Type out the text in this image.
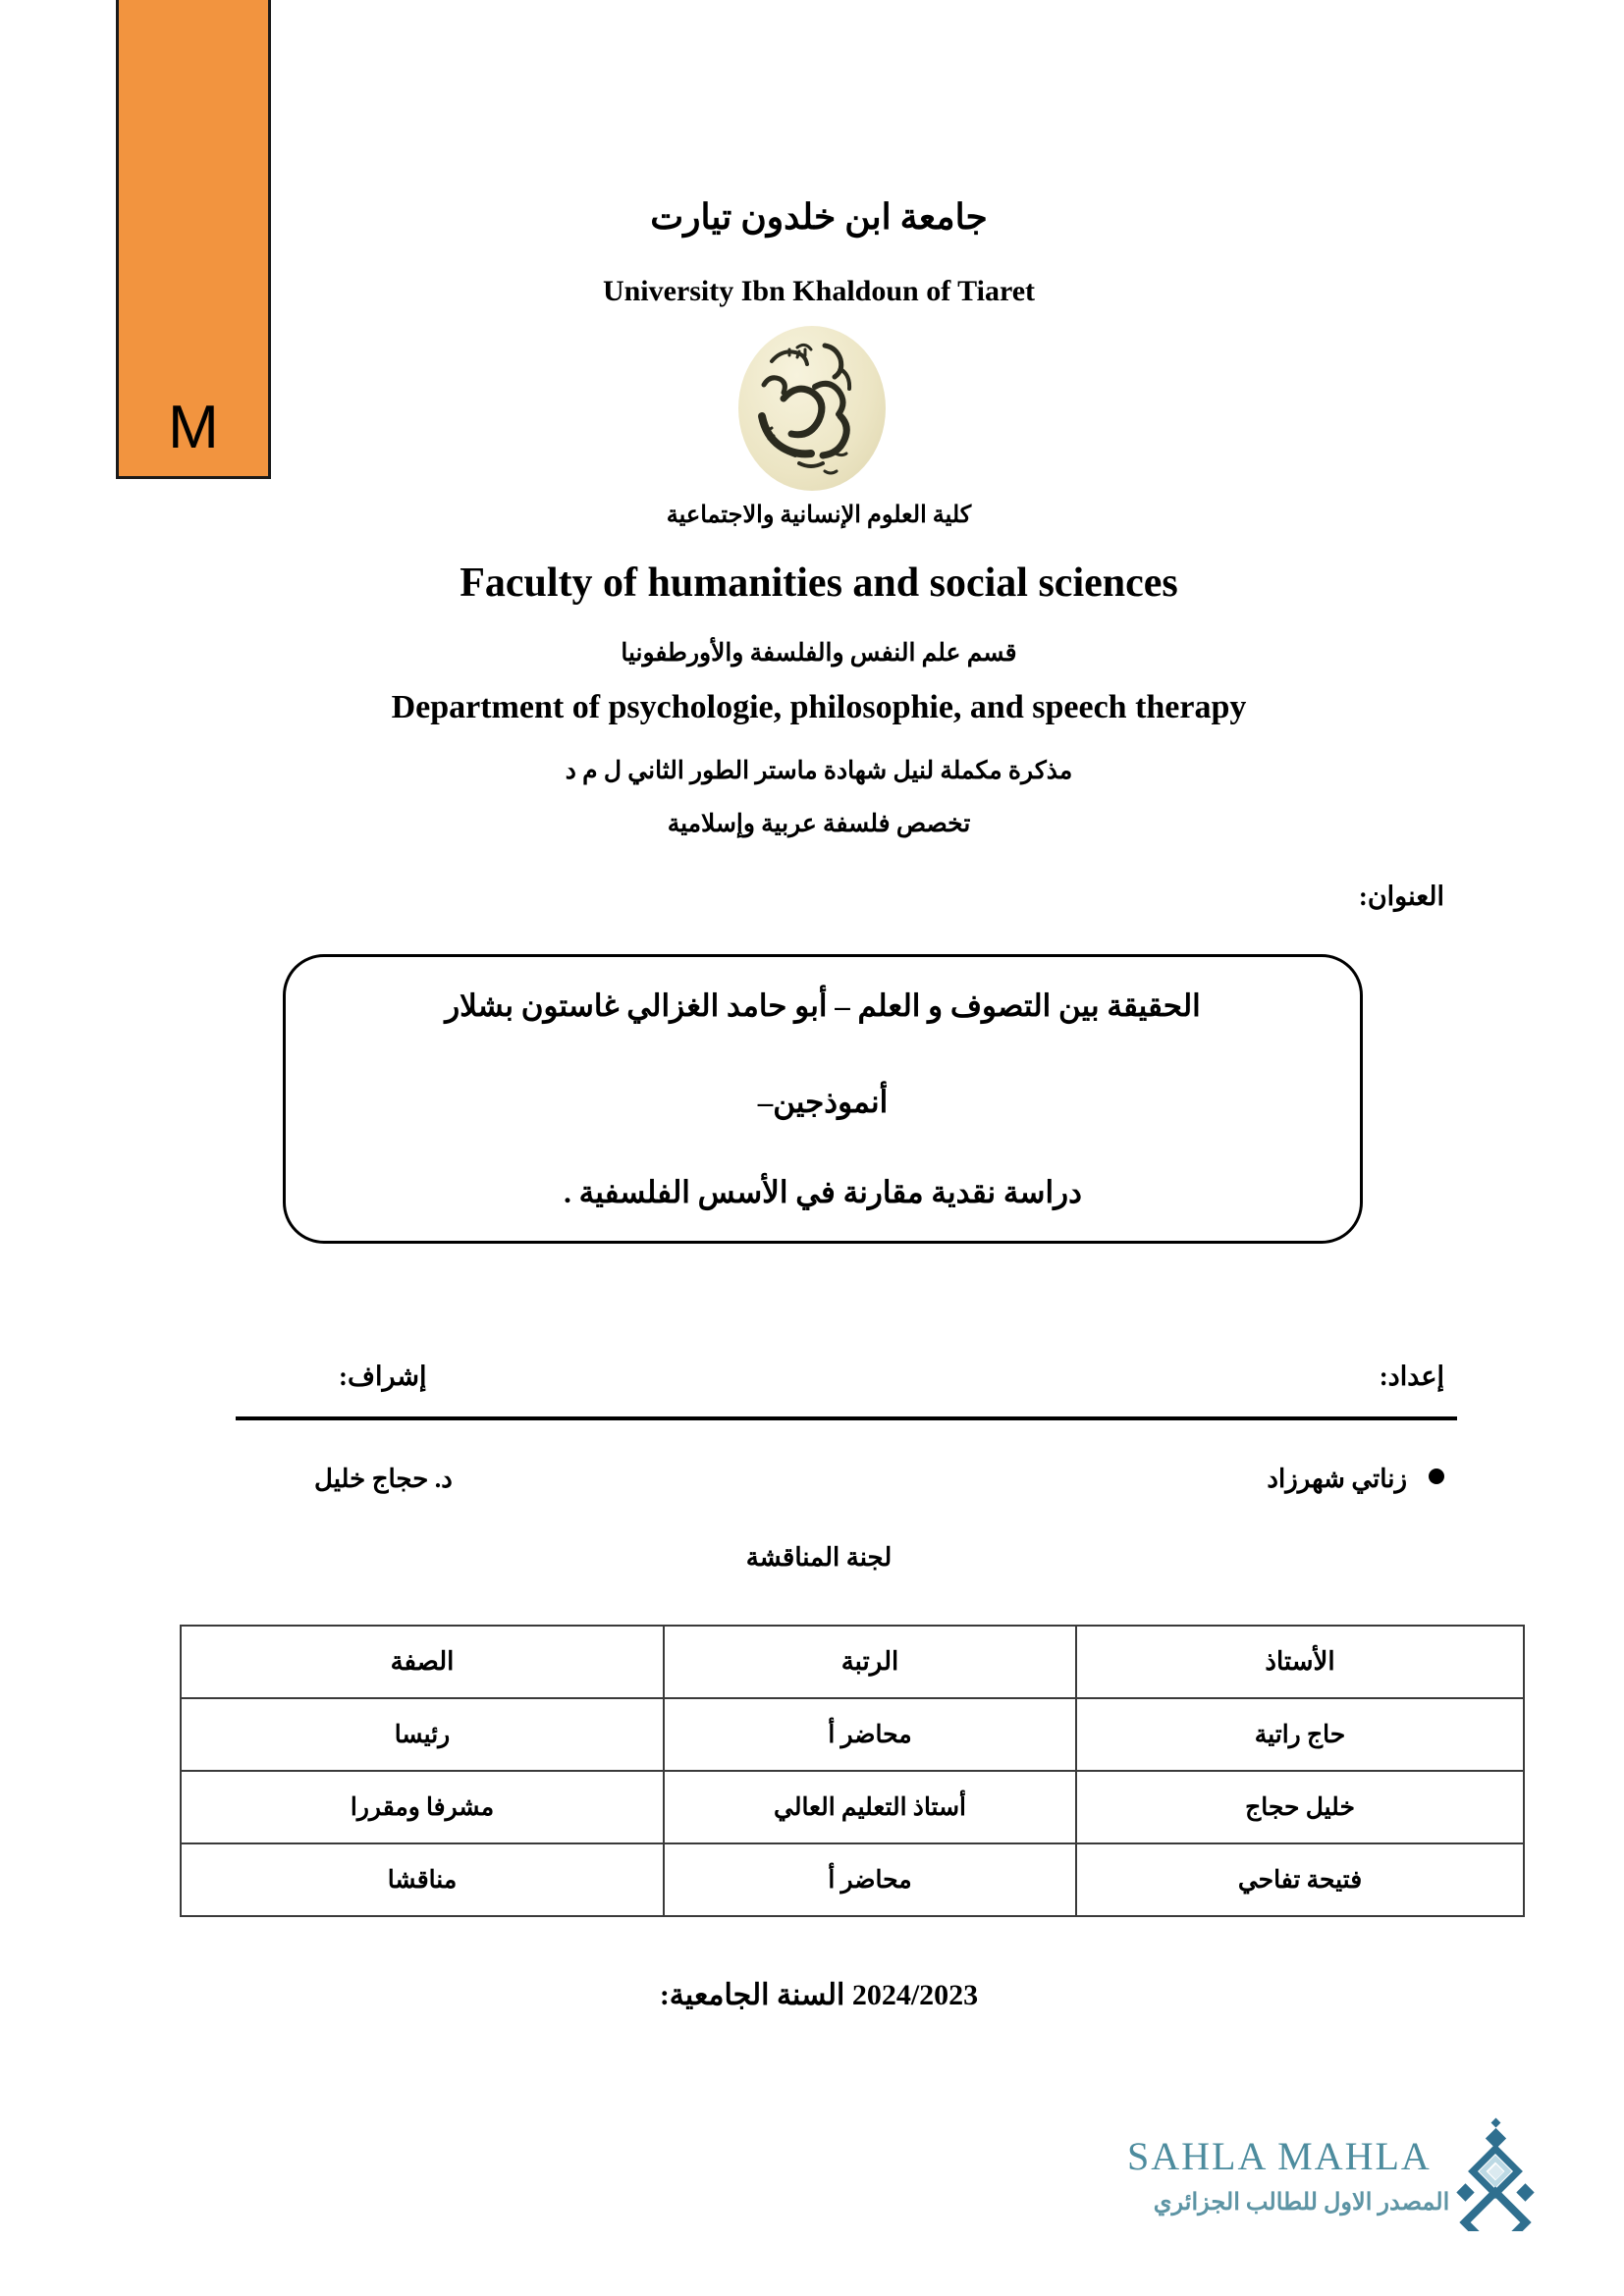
M
جامعة ابن خلدون تيارت
University Ibn Khaldoun of Tiaret
كلية العلوم الإنسانية والاجتماعية
Faculty of humanities and social sciences
قسم علم النفس والفلسفة والأورطفونيا
Department of psychologie, philosophie, and speech therapy
مذكرة مكملة لنيل شهادة ماستر الطور الثاني ل م د
تخصص فلسفة عربية وإسلامية
العنوان:
الحقيقة بين التصوف و العلم – أبو حامد الغزالي غاستون بشلار
أنموذجين–
دراسة نقدية مقارنة في الأسس الفلسفية .
إعداد:
إشراف:
زناتي شهرزاد
د. حجاج خليل
لجنة المناقشة
الأستاذ	الرتبة	الصفة
حاج راتية	محاضر أ	رئيسا
خليل حجاج	أستاذ التعليم العالي	مشرفا ومقررا
فتيحة تفاحي	محاضر أ	مناقشا
2024/2023 السنة الجامعية:
SAHLA MAHLA
المصدر الاول للطالب الجزائري
